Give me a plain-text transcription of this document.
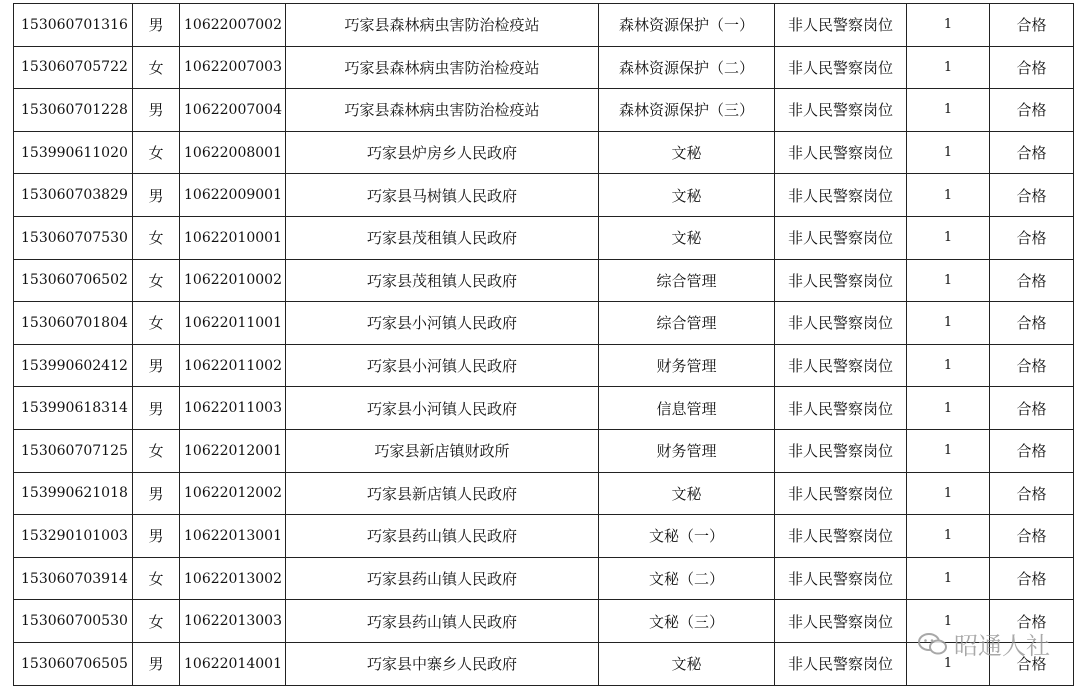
153060701316	男	10622007002	巧家县森林病虫害防治检疫站	森林资源保护（一）	非人民警察岗位	1	合格
153060705722	女	10622007003	巧家县森林病虫害防治检疫站	森林资源保护（二）	非人民警察岗位	1	合格
153060701228	男	10622007004	巧家县森林病虫害防治检疫站	森林资源保护（三）	非人民警察岗位	1	合格
153990611020	女	10622008001	巧家县炉房乡人民政府	文秘	非人民警察岗位	1	合格
153060703829	男	10622009001	巧家县马树镇人民政府	文秘	非人民警察岗位	1	合格
153060707530	女	10622010001	巧家县茂租镇人民政府	文秘	非人民警察岗位	1	合格
153060706502	女	10622010002	巧家县茂租镇人民政府	综合管理	非人民警察岗位	1	合格
153060701804	女	10622011001	巧家县小河镇人民政府	综合管理	非人民警察岗位	1	合格
153990602412	男	10622011002	巧家县小河镇人民政府	财务管理	非人民警察岗位	1	合格
153990618314	男	10622011003	巧家县小河镇人民政府	信息管理	非人民警察岗位	1	合格
153060707125	女	10622012001	巧家县新店镇财政所	财务管理	非人民警察岗位	1	合格
153990621018	男	10622012002	巧家县新店镇人民政府	文秘	非人民警察岗位	1	合格
153290101003	男	10622013001	巧家县药山镇人民政府	文秘（一）	非人民警察岗位	1	合格
153060703914	女	10622013002	巧家县药山镇人民政府	文秘（二）	非人民警察岗位	1	合格
153060700530	女	10622013003	巧家县药山镇人民政府	文秘（三）	非人民警察岗位	1	合格
153060706505	男	10622014001	巧家县中寨乡人民政府	文秘	非人民警察岗位	1	合格
昭通人社
